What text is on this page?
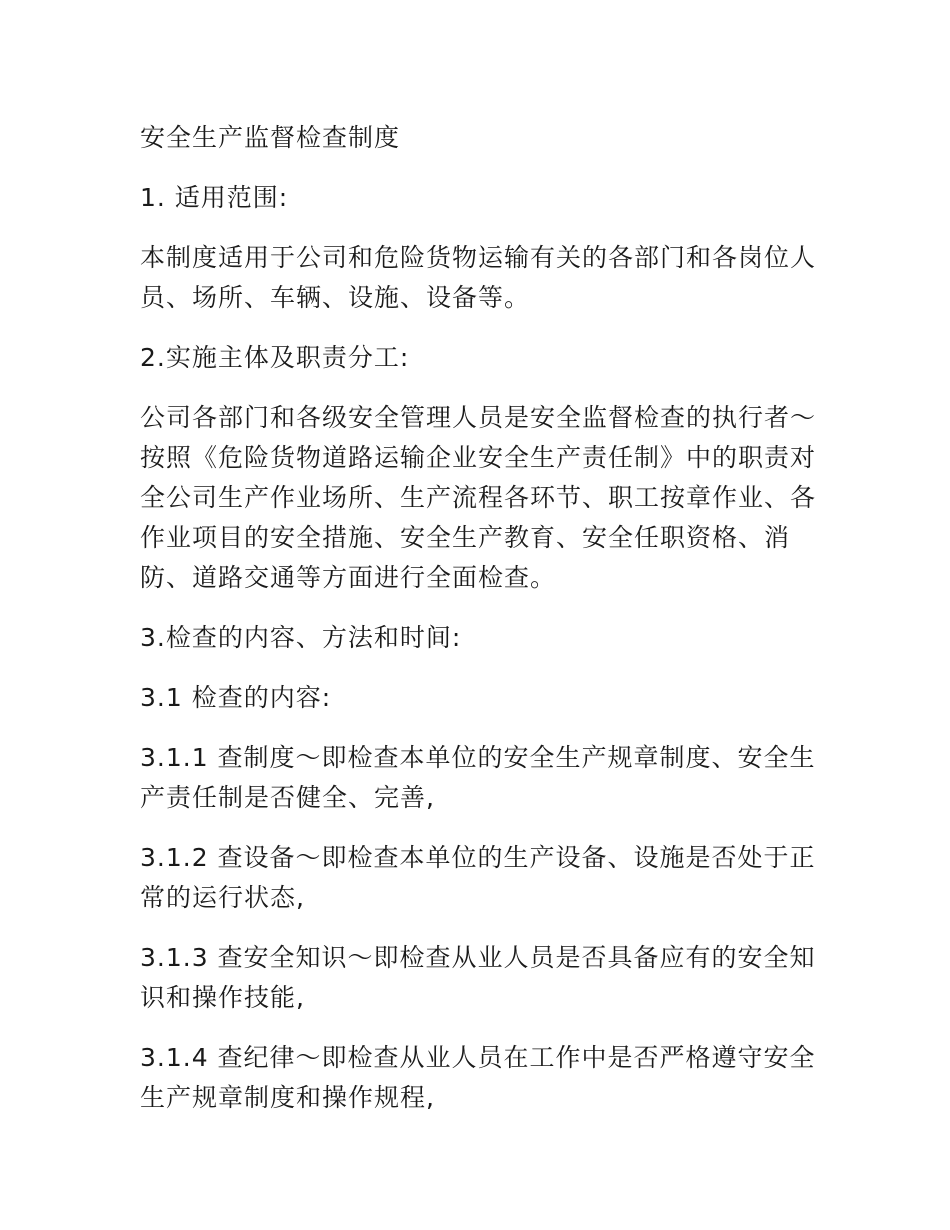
安全生产监督检查制度

1. 适用范围:

本制度适用于公司和危险货物运输有关的各部门和各岗位人员、场所、车辆、设施、设备等。

2.实施主体及职责分工:

公司各部门和各级安全管理人员是安全监督检查的执行者～按照《危险货物道路运输企业安全生产责任制》中的职责对全公司生产作业场所、生产流程各环节、职工按章作业、各作业项目的安全措施、安全生产教育、安全任职资格、消防、道路交通等方面进行全面检查。

3.检查的内容、方法和时间:

3.1 检查的内容:

3.1.1 查制度～即检查本单位的安全生产规章制度、安全生产责任制是否健全、完善,

3.1.2 查设备～即检查本单位的生产设备、设施是否处于正常的运行状态,

3.1.3 查安全知识～即检查从业人员是否具备应有的安全知识和操作技能,

3.1.4 查纪律～即检查从业人员在工作中是否严格遵守安全生产规章制度和操作规程,
